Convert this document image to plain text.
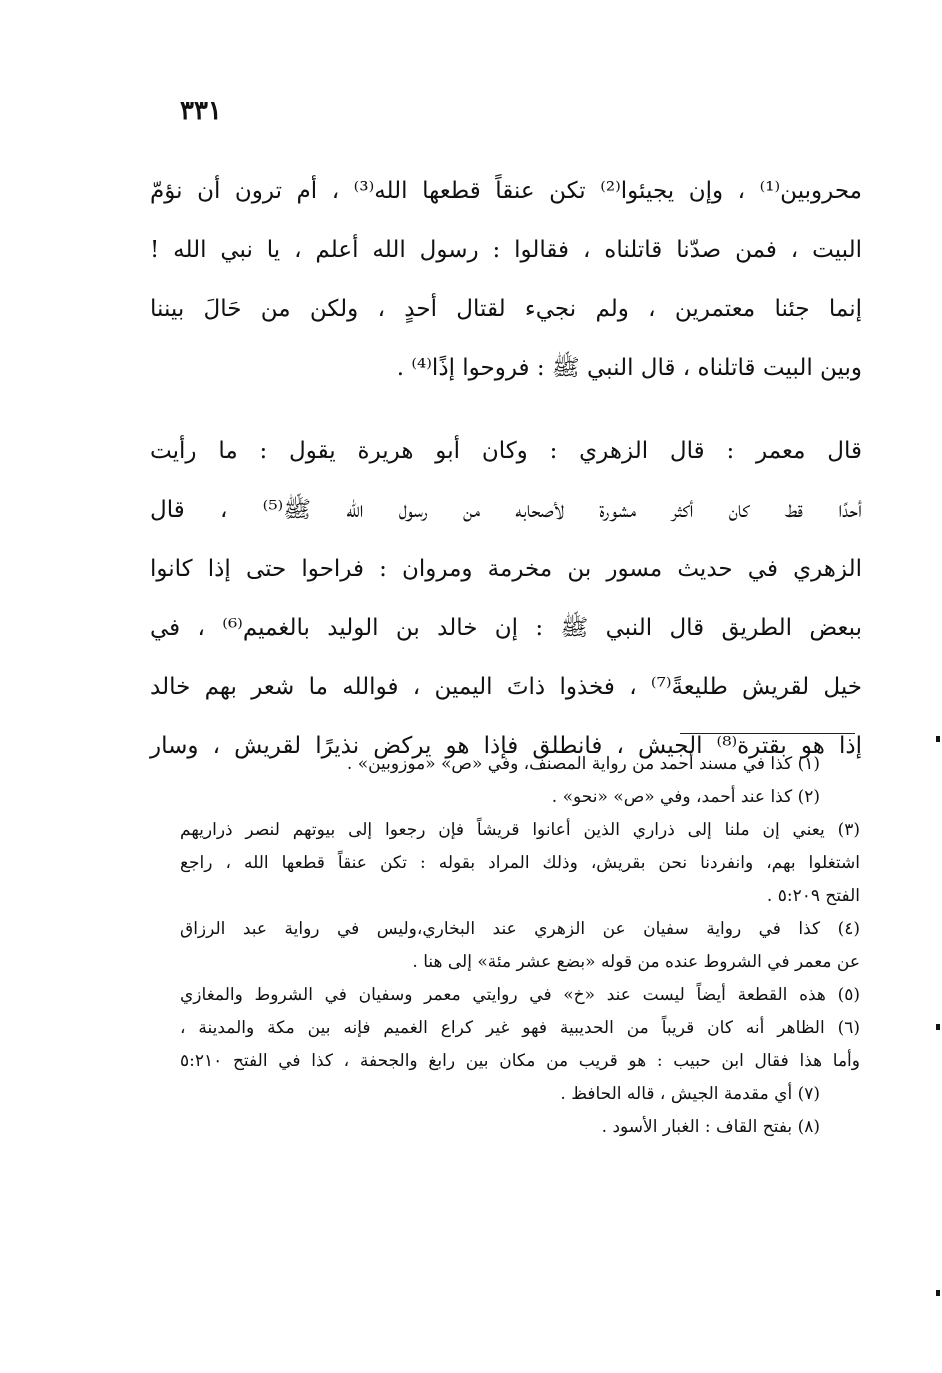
٣٣١
محروبين⁽¹⁾ ، وإن يجيئوا⁽²⁾ تكن عنقاً قطعها الله⁽³⁾ ، أم ترون أن نؤمّ
البيت ، فمن صدّنا قاتلناه ، فقالوا : رسول الله أعلم ، يا نبي الله !
إنما جئنا معتمرين ، ولم نجيء لقتال أحدٍ ، ولكن من حَالَ بيننا
وبين البيت قاتلناه ، قال النبي ﷺ : فروحوا إذًا⁽⁴⁾ .
قال معمر : قال الزهري : وكان أبو هريرة يقول : ما رأيت
أحدًا قط كان أكثر مشورة لأصحابه من رسول الله ﷺ⁽⁵⁾ ، قال
الزهري في حديث مسور بن مخرمة ومروان : فراحوا حتى إذا كانوا
ببعض الطريق قال النبي ﷺ : إن خالد بن الوليد بالغميم⁽⁶⁾ ، في
خيل لقريش طليعةً⁽⁷⁾ ، فخذوا ذاتَ اليمين ، فوالله ما شعر بهم خالد
إذا هو بقترة⁽⁸⁾ الجيش ، فانطلق فإذا هو يركض نذيرًا لقريش ، وسار
(١) كذا في مسند أحمد من رواية المصنف، وفي «ص» «موزوبين» .
(٢) كذا عند أحمد، وفي «ص» «نحو» .
(٣) يعني إن ملنا إلى ذراري الذين أعانوا قريشاً فإن رجعوا إلى بيوتهم لنصر ذراريهم
اشتغلوا بهم، وانفردنا نحن بقريش، وذلك المراد بقوله : تكن عنقاً قطعها الله ، راجع
الفتح ٥:٢٠٩ .
(٤) كذا في رواية سفيان عن الزهري عند البخاري،وليس في رواية عبد الرزاق
عن معمر في الشروط عنده من قوله «بضع عشر مئة» إلى هنا .
(٥) هذه القطعة أيضاً ليست عند «خ» في روايتي معمر وسفيان في الشروط والمغازي
(٦) الظاهر أنه كان قريباً من الحديبية فهو غير كراع الغميم فإنه بين مكة والمدينة ،
وأما هذا فقال ابن حبيب : هو قريب من مكان بين رابغ والجحفة ، كذا في الفتح ٥:٢١٠
(٧) أي مقدمة الجيش ، قاله الحافظ .
(٨) بفتح القاف : الغبار الأسود .
